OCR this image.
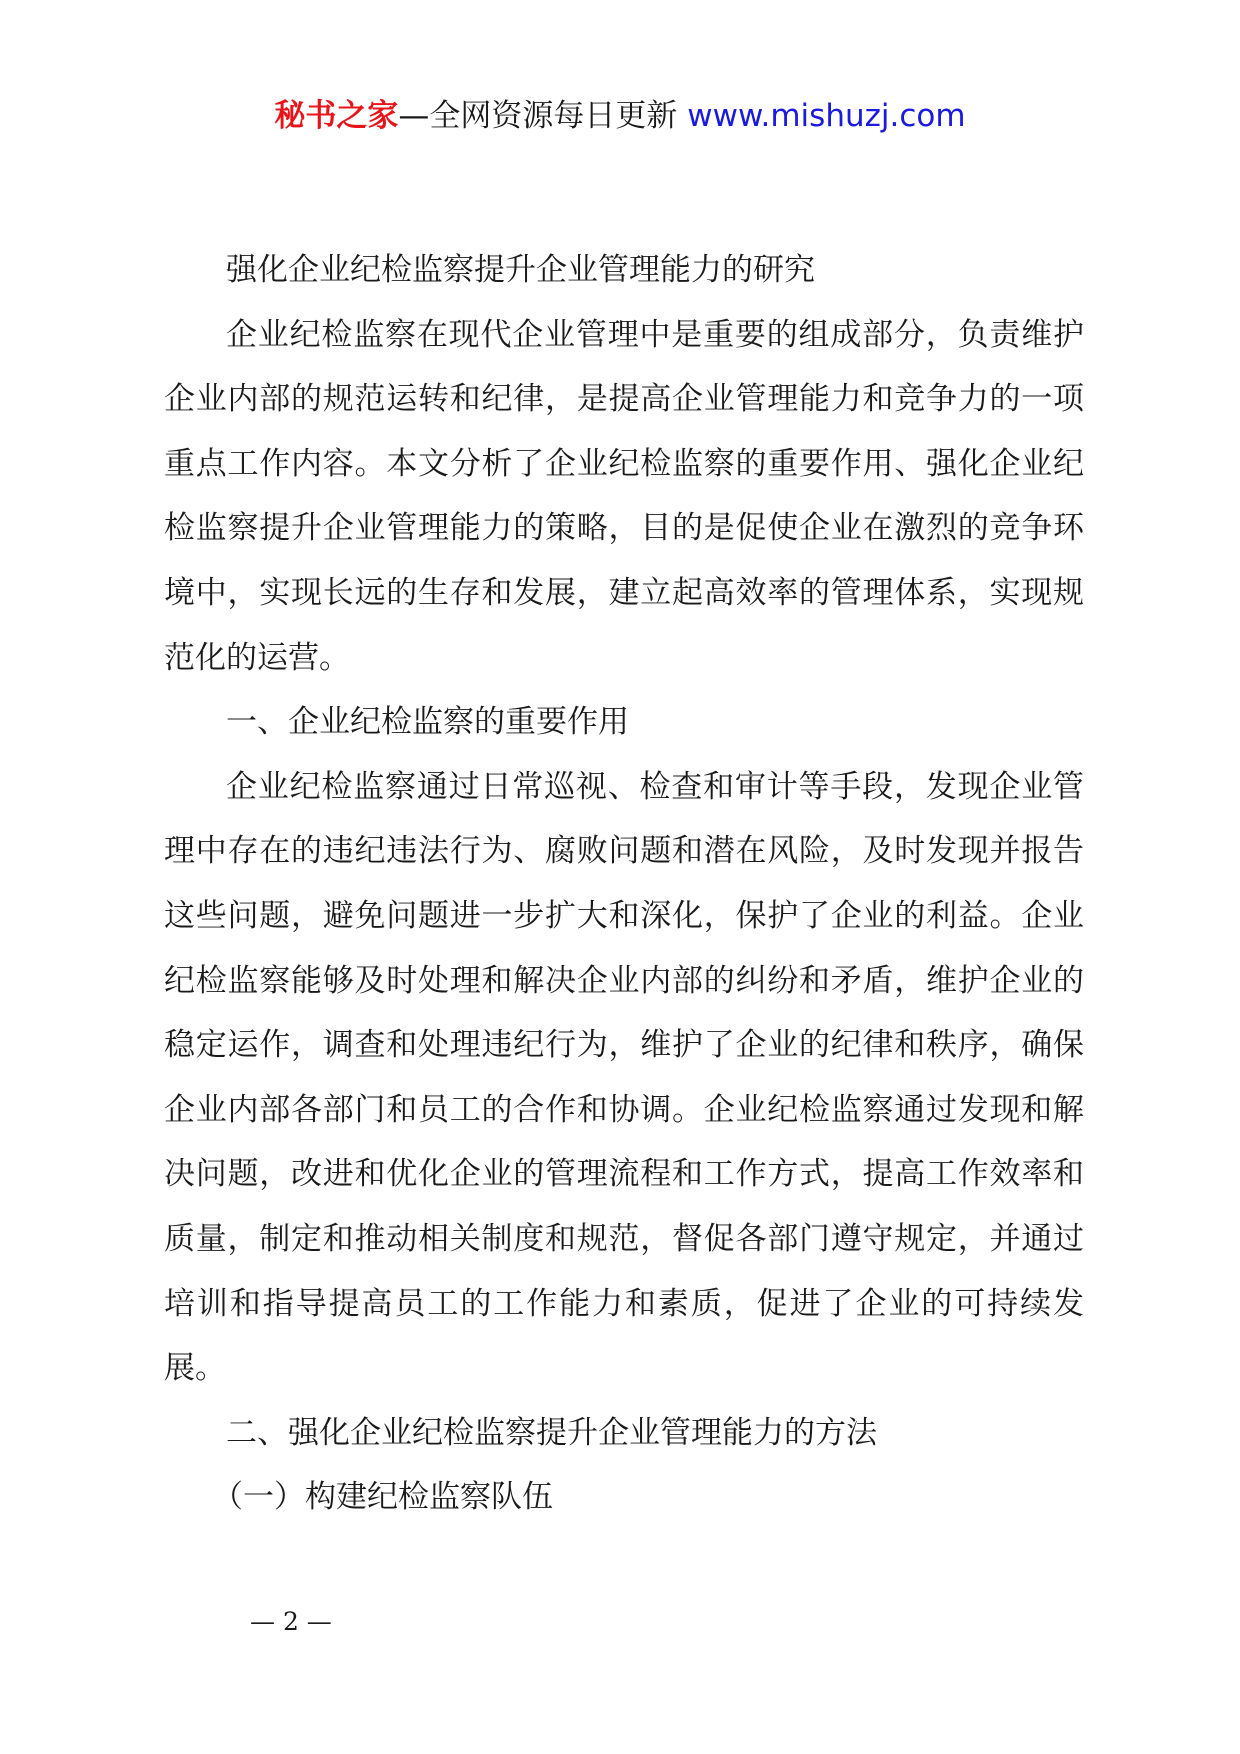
秘书之家—全网资源每日更新 www.mishuzj.com

强化企业纪检监察提升企业管理能力的研究

企业纪检监察在现代企业管理中是重要的组成部分，负责维护企业内部的规范运转和纪律，是提高企业管理能力和竞争力的一项重点工作内容。本文分析了企业纪检监察的重要作用、强化企业纪检监察提升企业管理能力的策略，目的是促使企业在激烈的竞争环境中，实现长远的生存和发展，建立起高效率的管理体系，实现规范化的运营。

一、企业纪检监察的重要作用

企业纪检监察通过日常巡视、检查和审计等手段，发现企业管理中存在的违纪违法行为、腐败问题和潜在风险，及时发现并报告这些问题，避免问题进一步扩大和深化，保护了企业的利益。企业纪检监察能够及时处理和解决企业内部的纠纷和矛盾，维护企业的稳定运作，调查和处理违纪行为，维护了企业的纪律和秩序，确保企业内部各部门和员工的合作和协调。企业纪检监察通过发现和解决问题，改进和优化企业的管理流程和工作方式，提高工作效率和质量，制定和推动相关制度和规范，督促各部门遵守规定，并通过培训和指导提高员工的工作能力和素质，促进了企业的可持续发展。

二、强化企业纪检监察提升企业管理能力的方法

（一）构建纪检监察队伍

— 2 —
